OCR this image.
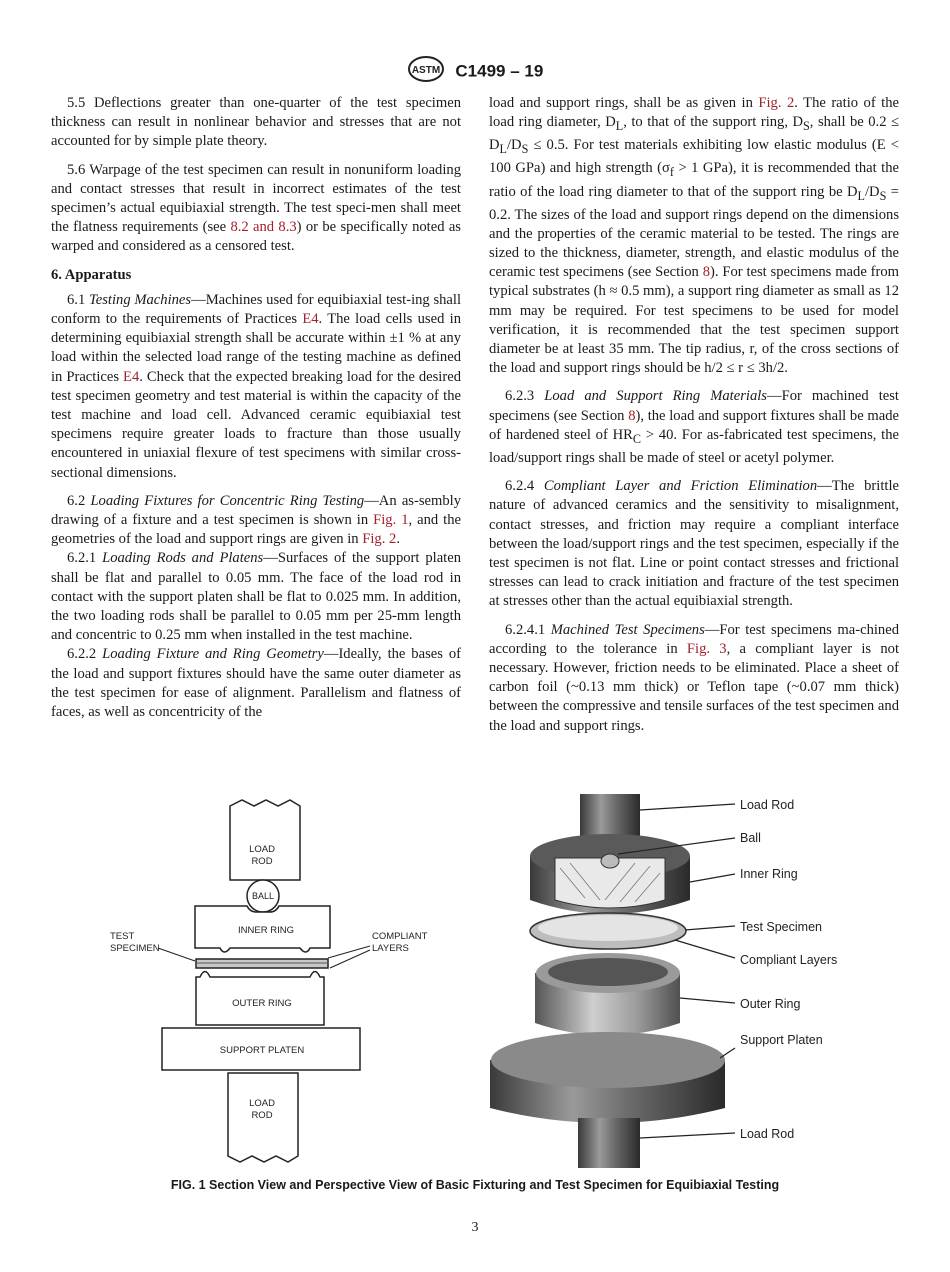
ASTM C1499 – 19

5.5 Deflections greater than one-quarter of the test specimen thickness can result in nonlinear behavior and stresses that are not accounted for by simple plate theory.

5.6 Warpage of the test specimen can result in nonuniform loading and contact stresses that result in incorrect estimates of the test specimen’s actual equibiaxial strength. The test speci-men shall meet the flatness requirements (see 8.2 and 8.3) or be specifically noted as warped and considered as a censored test.

6. Apparatus

6.1 Testing Machines—Machines used for equibiaxial test-ing shall conform to the requirements of Practices E4. The load cells used in determining equibiaxial strength shall be accurate within ±1 % at any load within the selected load range of the testing machine as defined in Practices E4. Check that the expected breaking load for the desired test specimen geometry and test material is within the capacity of the test machine and load cell. Advanced ceramic equibiaxial test specimens require greater loads to fracture than those usually encountered in uniaxial flexure of test specimens with similar cross-sectional dimensions.

6.2 Loading Fixtures for Concentric Ring Testing—An as-sembly drawing of a fixture and a test specimen is shown in Fig. 1, and the geometries of the load and support rings are given in Fig. 2.

6.2.1 Loading Rods and Platens—Surfaces of the support platen shall be flat and parallel to 0.05 mm. The face of the load rod in contact with the support platen shall be flat to 0.025 mm. In addition, the two loading rods shall be parallel to 0.05 mm per 25-mm length and concentric to 0.25 mm when installed in the test machine.

6.2.2 Loading Fixture and Ring Geometry—Ideally, the bases of the load and support fixtures should have the same outer diameter as the test specimen for ease of alignment. Parallelism and flatness of faces, as well as concentricity of the

load and support rings, shall be as given in Fig. 2. The ratio of the load ring diameter, $D_L$, to that of the support ring, $D_S$, shall be $0.2 \le D_L/D_S \le 0.5$. For test materials exhibiting low elastic modulus (E < 100 GPa) and high strength ($\sigma_f > 1$ GPa), it is recommended that the ratio of the load ring diameter to that of the support ring be $D_L/D_S = 0.2$. The sizes of the load and support rings depend on the dimensions and the properties of the ceramic material to be tested. The rings are sized to the thickness, diameter, strength, and elastic modulus of the ceramic test specimens (see Section 8). For test specimens made from typical substrates (h ≈ 0.5 mm), a support ring diameter as small as 12 mm may be required. For test specimens to be used for model verification, it is recommended that the test specimen support diameter be at least 35 mm. The tip radius, r, of the cross sections of the load and support rings should be h/2 ≤ r ≤ 3h/2.

6.2.3 Load and Support Ring Materials—For machined test specimens (see Section 8), the load and support fixtures shall be made of hardened steel of $HR_C > 40$. For as-fabricated test specimens, the load/support rings shall be made of steel or acetyl polymer.

6.2.4 Compliant Layer and Friction Elimination—The brittle nature of advanced ceramics and the sensitivity to misalignment, contact stresses, and friction may require a compliant interface between the load/support rings and the test specimen, especially if the test specimen is not flat. Line or point contact stresses and frictional stresses can lead to crack initiation and fracture of the test specimen at stresses other than the actual equibiaxial strength.

6.2.4.1 Machined Test Specimens—For test specimens ma-chined according to the tolerance in Fig. 3, a compliant layer is not necessary. However, friction needs to be eliminated. Place a sheet of carbon foil (~0.13 mm thick) or Teflon tape (~0.07 mm thick) between the compressive and tensile surfaces of the test specimen and the load and support rings.

LOAD
ROD
BALL
INNER RING
OUTER RING
SUPPORT PLATEN
LOAD
ROD
TEST
SPECIMEN
COMPLIANT
LAYERS
Load Rod
Ball
Inner Ring
Test Specimen
Compliant Layers
Outer Ring
Support Platen
Load Rod
FIG. 1 Section View and Perspective View of Basic Fixturing and Test Specimen for Equibiaxial Testing
3
